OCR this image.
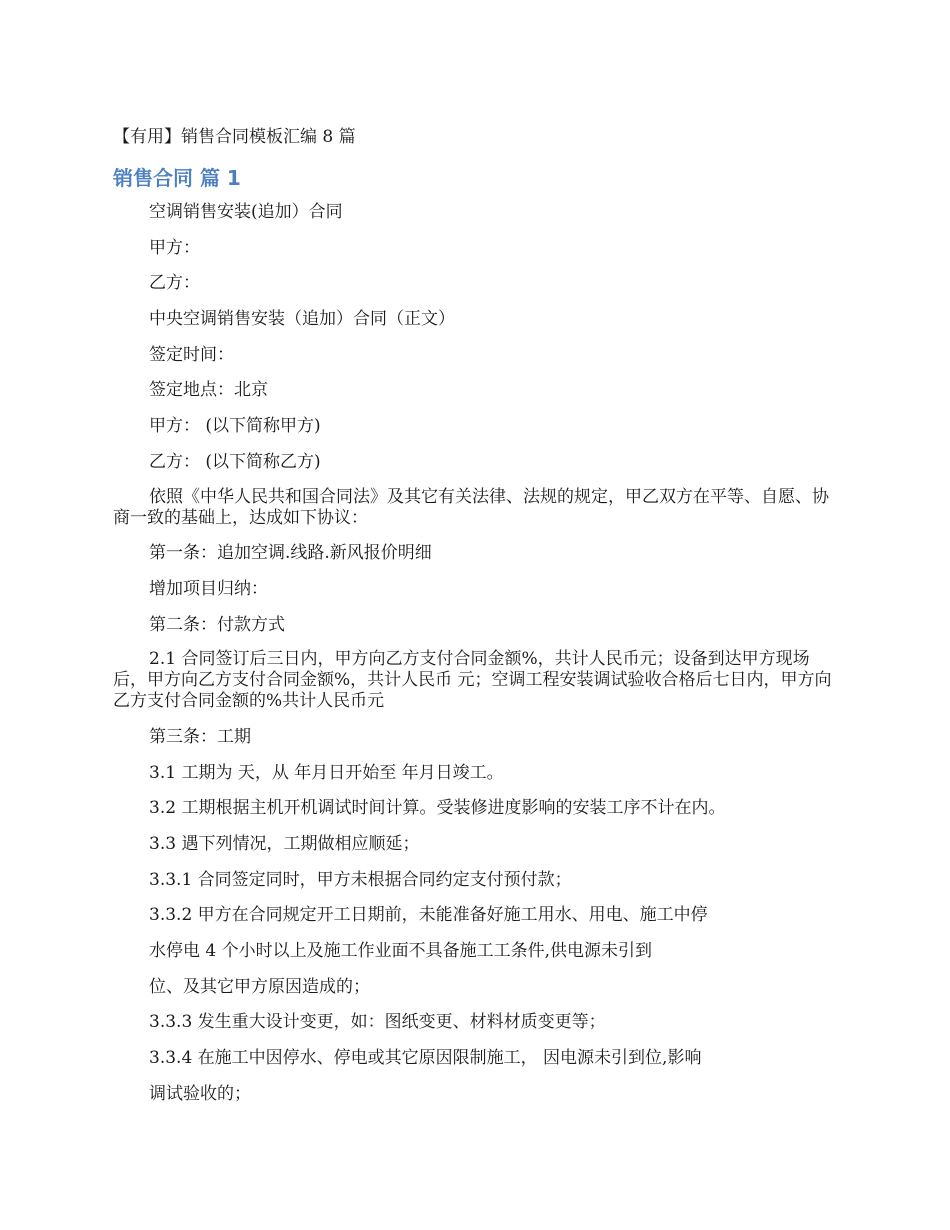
【有用】销售合同模板汇编 8 篇
销售合同 篇 1

空调销售安装(追加）合同

甲方：

乙方：

中央空调销售安装（追加）合同（正文）

签定时间：

签定地点：北京

甲方： (以下简称甲方)

乙方： (以下简称乙方)

依照《中华人民共和国合同法》及其它有关法律、法规的规定，甲乙双方在平等、自愿、协商一致的基础上，达成如下协议：

第一条：追加空调.线路.新风报价明细

增加项目归纳：

第二条：付款方式

2.1 合同签订后三日内，甲方向乙方支付合同金额%，共计人民币元；设备到达甲方现场后，甲方向乙方支付合同金额%，共计人民币 元；空调工程安装调试验收合格后七日内，甲方向乙方支付合同金额的%共计人民币元

第三条：工期

3.1 工期为 天，从 年月日开始至 年月日竣工。

3.2 工期根据主机开机调试时间计算。受装修进度影响的安装工序不计在内。

3.3 遇下列情况，工期做相应顺延；

3.3.1 合同签定同时，甲方未根据合同约定支付预付款；

3.3.2 甲方在合同规定开工日期前，未能准备好施工用水、用电、施工中停

水停电 4 个小时以上及施工作业面不具备施工工条件,供电源未引到

位、及其它甲方原因造成的；

3.3.3 发生重大设计变更，如：图纸变更、材料材质变更等；

3.3.4 在施工中因停水、停电或其它原因限制施工， 因电源未引到位,影响

调试验收的；
